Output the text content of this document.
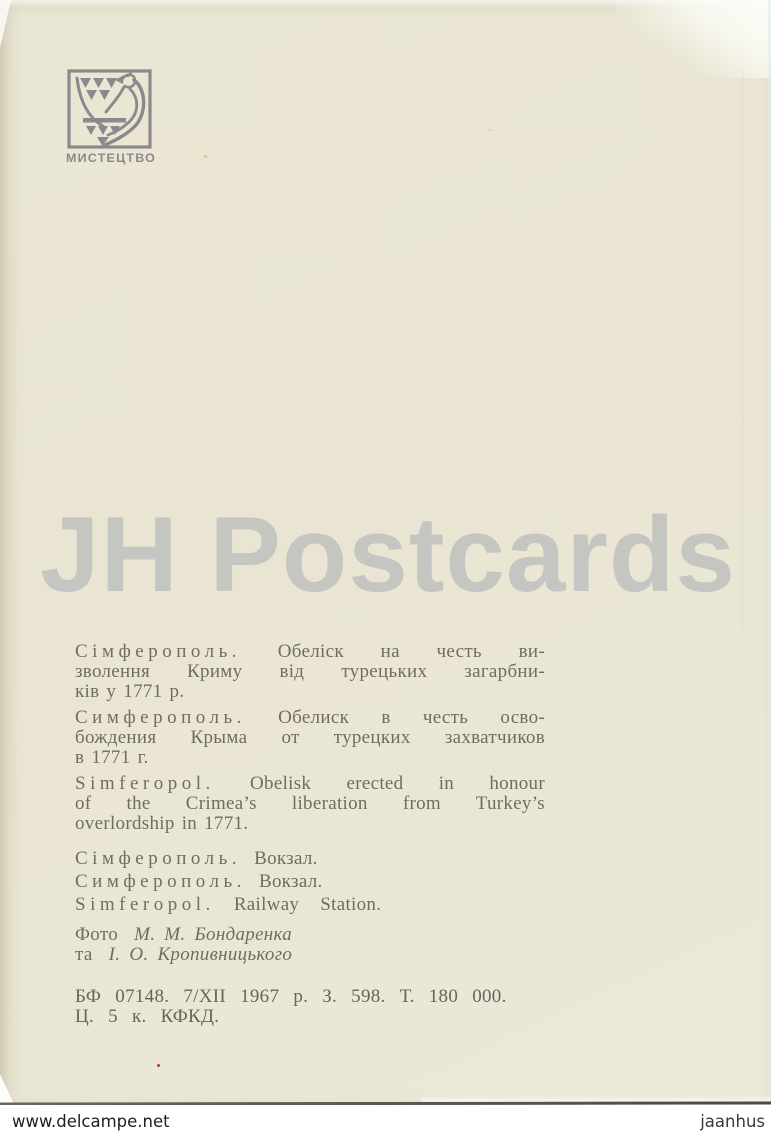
МИСТЕЦТВО
JH Postcards
Сімферополь. Обеліск на честь ви-
зволення Криму від турецьких загарбни-
ків у 1771 р.
Симферополь. Обелиск в честь осво-
бождения Крыма от турецких захватчиков
в 1771 г.
Simferopol. Obelisk erected in honour
of the Crimea’s liberation from Turkey’s
overlordship in 1771.
Сімферополь. Вокзал.
Симферополь. Вокзал.
Simferopol. Railway Station.
Фото М. М. Бондаренка
та І. О. Кропивницького
БФ 07148. 7/XII 1967 р. З. 598. Т. 180 000.
Ц. 5 к. КФКД.
www.delcampe.net	jaanhus
